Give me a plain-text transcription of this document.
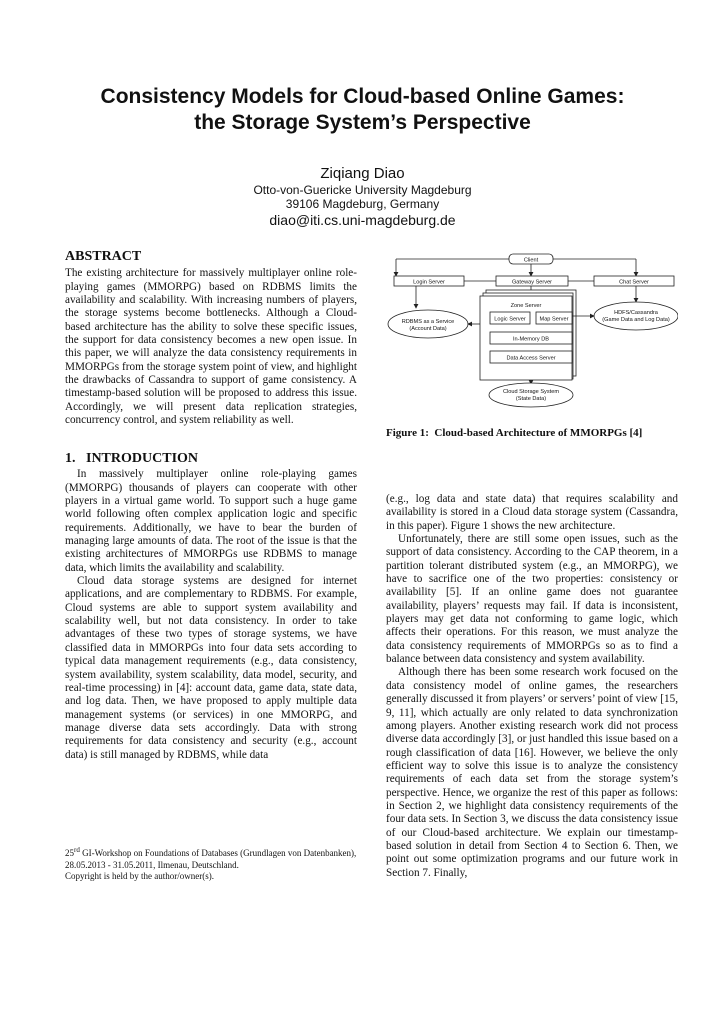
Consistency Models for Cloud-based Online Games:
the Storage System’s Perspective
Ziqiang Diao
Otto-von-Guericke University Magdeburg
39106 Magdeburg, Germany
diao@iti.cs.uni-magdeburg.de
ABSTRACT

The existing architecture for massively multiplayer online role-playing games (MMORPG) based on RDBMS limits the availability and scalability. With increasing numbers of players, the storage systems become bottlenecks. Although a Cloud-based architecture has the ability to solve these specific issues, the support for data consistency becomes a new open issue. In this paper, we will analyze the data consistency requirements in MMORPGs from the storage system point of view, and highlight the drawbacks of Cassandra to support of game consistency. A timestamp-based solution will be proposed to address this issue. Accordingly, we will present data replication strategies, concurrency control, and system reliability as well.

1.   INTRODUCTION

In massively multiplayer online role-playing games (MMORPG) thousands of players can cooperate with other players in a virtual game world. To support such a huge game world following often complex application logic and specific requirements. Additionally, we have to bear the burden of managing large amounts of data. The root of the issue is that the existing architectures of MMORPGs use RDBMS to manage data, which limits the availability and scalability.

Cloud data storage systems are designed for internet applications, and are complementary to RDBMS. For example, Cloud systems are able to support system availability and scalability well, but not data consistency. In order to take advantages of these two types of storage systems, we have classified data in MMORPGs into four data sets according to typical data management requirements (e.g., data consistency, system availability, system scalability, data model, security, and real-time processing) in [4]: account data, game data, state data, and log data. Then, we have proposed to apply multiple data management systems (or services) in one MMORPG, and manage diverse data sets accordingly. Data with strong requirements for data consistency and security (e.g., account data) is still managed by RDBMS, while data

25rd GI-Workshop on Foundations of Databases (Grundlagen von Datenbanken), 28.05.2013 - 31.05.2011, Ilmenau, Deutschland.
Copyright is held by the author/owner(s).
Client
Login Server	Gateway Server	Chat Server
Zone Server
Logic Server Map Server
In-Memory DB
Data Access Server
RDBMS as a Service
(Account Data)
HDFS/Cassandra
(Game Data and Log Data)
Cloud Storage System
(State Data)
Figure 1:  Cloud-based Architecture of MMORPGs [4]

(e.g., log data and state data) that requires scalability and availability is stored in a Cloud data storage system (Cassandra, in this paper). Figure 1 shows the new architecture.

Unfortunately, there are still some open issues, such as the support of data consistency. According to the CAP theorem, in a partition tolerant distributed system (e.g., an MMORPG), we have to sacrifice one of the two properties: consistency or availability [5]. If an online game does not guarantee availability, players’ requests may fail. If data is inconsistent, players may get data not conforming to game logic, which affects their operations. For this reason, we must analyze the data consistency requirements of MMORPGs so as to find a balance between data consistency and system availability.

Although there has been some research work focused on the data consistency model of online games, the researchers generally discussed it from players’ or servers’ point of view [15, 9, 11], which actually are only related to data synchronization among players. Another existing research work did not process diverse data accordingly [3], or just handled this issue based on a rough classification of data [16]. However, we believe the only efficient way to solve this issue is to analyze the consistency requirements of each data set from the storage system’s perspective. Hence, we organize the rest of this paper as follows: in Section 2, we highlight data consistency requirements of the four data sets. In Section 3, we discuss the data consistency issue of our Cloud-based architecture. We explain our timestamp-based solution in detail from Section 4 to Section 6. Then, we point out some optimization programs and our future work in Section 7. Finally,
